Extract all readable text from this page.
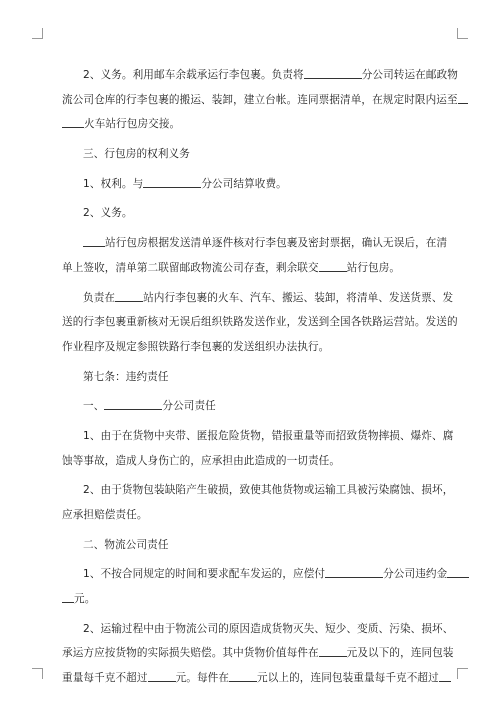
2、义务。利用邮车余载承运行李包裹。负责将	分公司转运在邮政物

流公司仓库的行李包裹的搬运、装卸，建立台帐。连同票据清单，在规定时限内运至

火车站行包房交接。

三、行包房的权利义务

1、权利。与	分公司结算收费。

2、义务。

站行包房根据发送清单逐件核对行李包裹及密封票据，确认无误后，在清

单上签收，清单第二联留邮政物流公司存查，剩余联交	站行包房。

负责在	站内行李包裹的火车、汽车、搬运、装卸，将清单、发送货票、发

送的行李包裹重新核对无误后组织铁路发送作业，发送到全国各铁路运营站。发送的

作业程序及规定参照铁路行李包裹的发送组织办法执行。

第七条：违约责任

一、	分公司责任

1、由于在货物中夹带、匿报危险货物，错报重量等而招致货物摔损、爆炸、腐

蚀等事故，造成人身伤亡的，应承担由此造成的一切责任。

2、由于货物包装缺陷产生破损，致使其他货物或运输工具被污染腐蚀、损坏，

应承担赔偿责任。

二、物流公司责任

1、不按合同规定的时间和要求配车发运的，应偿付	分公司违约金

元。

2、运输过程中由于物流公司的原因造成货物灭失、短少、变质、污染、损坏、

承运方应按货物的实际损失赔偿。其中货物价值每件在	元及以下的，连同包装

重量每千克不超过	元。每件在	元以上的，连同包装重量每千克不超过
